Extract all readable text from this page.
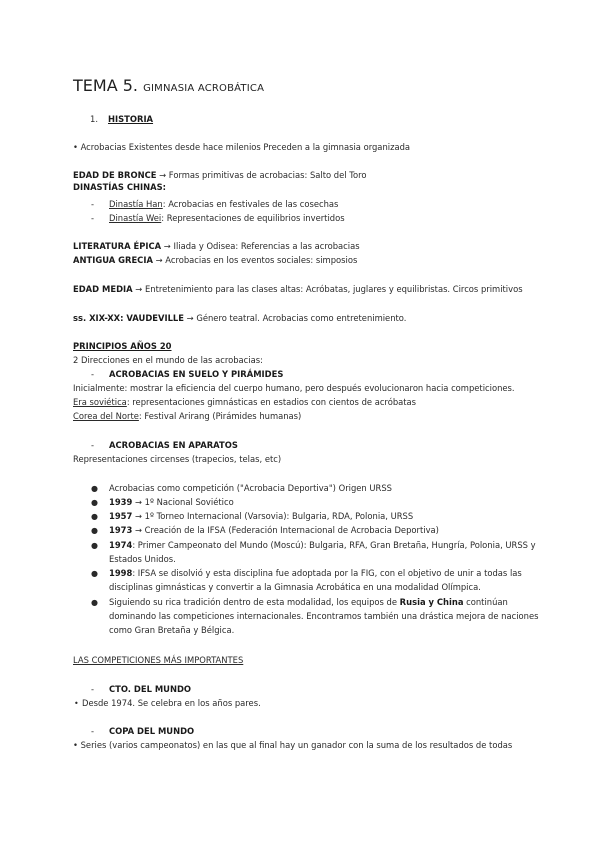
TEMA 5. GIMNASIA ACROBÁTICA
1. HISTORIA
• Acrobacias Existentes desde hace milenios Preceden a la gimnasia organizada
EDAD DE BRONCE → Formas primitivas de acrobacias: Salto del Toro
DINASTÍAS CHINAS:
- Dinastía Han: Acrobacias en festivales de las cosechas
- Dinastía Wei: Representaciones de equilibrios invertidos
LITERATURA ÉPICA → Iliada y Odisea: Referencias a las acrobacias
ANTIGUA GRECIA → Acrobacias en los eventos sociales: simposios
EDAD MEDIA → Entretenimiento para las clases altas: Acróbatas, juglares y equilibristas. Circos primitivos
ss. XIX-XX: VAUDEVILLE → Género teatral. Acrobacias como entretenimiento.
PRINCIPIOS AÑOS 20
2 Direcciones en el mundo de las acrobacias:
- ACROBACIAS EN SUELO Y PIRÁMIDES
Inicialmente: mostrar la eficiencia del cuerpo humano, pero después evolucionaron hacia competiciones.
Era soviética: representaciones gimnásticas en estadios con cientos de acróbatas
Corea del Norte: Festival Arirang (Pirámides humanas)
- ACROBACIAS EN APARATOS
Representaciones circenses (trapecios, telas, etc)
● Acrobacias como competición ("Acrobacia Deportiva") Origen URSS
● 1939 → 1º Nacional Soviético
● 1957 → 1º Torneo Internacional (Varsovia): Bulgaria, RDA, Polonia, URSS
● 1973 → Creación de la IFSA (Federación Internacional de Acrobacia Deportiva)
● 1974: Primer Campeonato del Mundo (Moscú): Bulgaria, RFA, Gran Bretaña, Hungría, Polonia, URSS y
Estados Unidos.
● 1998: IFSA se disolvió y esta disciplina fue adoptada por la FIG, con el objetivo de unir a todas las
disciplinas gimnásticas y convertir a la Gimnasia Acrobática en una modalidad Olímpica.
● Siguiendo su rica tradición dentro de esta modalidad, los equipos de Rusia y China continúan
dominando las competiciones internacionales. Encontramos también una drástica mejora de naciones
como Gran Bretaña y Bélgica.
LAS COMPETICIONES MÁS IMPORTANTES
- CTO. DEL MUNDO
• Desde 1974. Se celebra en los años pares.
- COPA DEL MUNDO
• Series (varios campeonatos) en las que al final hay un ganador con la suma de los resultados de todas
